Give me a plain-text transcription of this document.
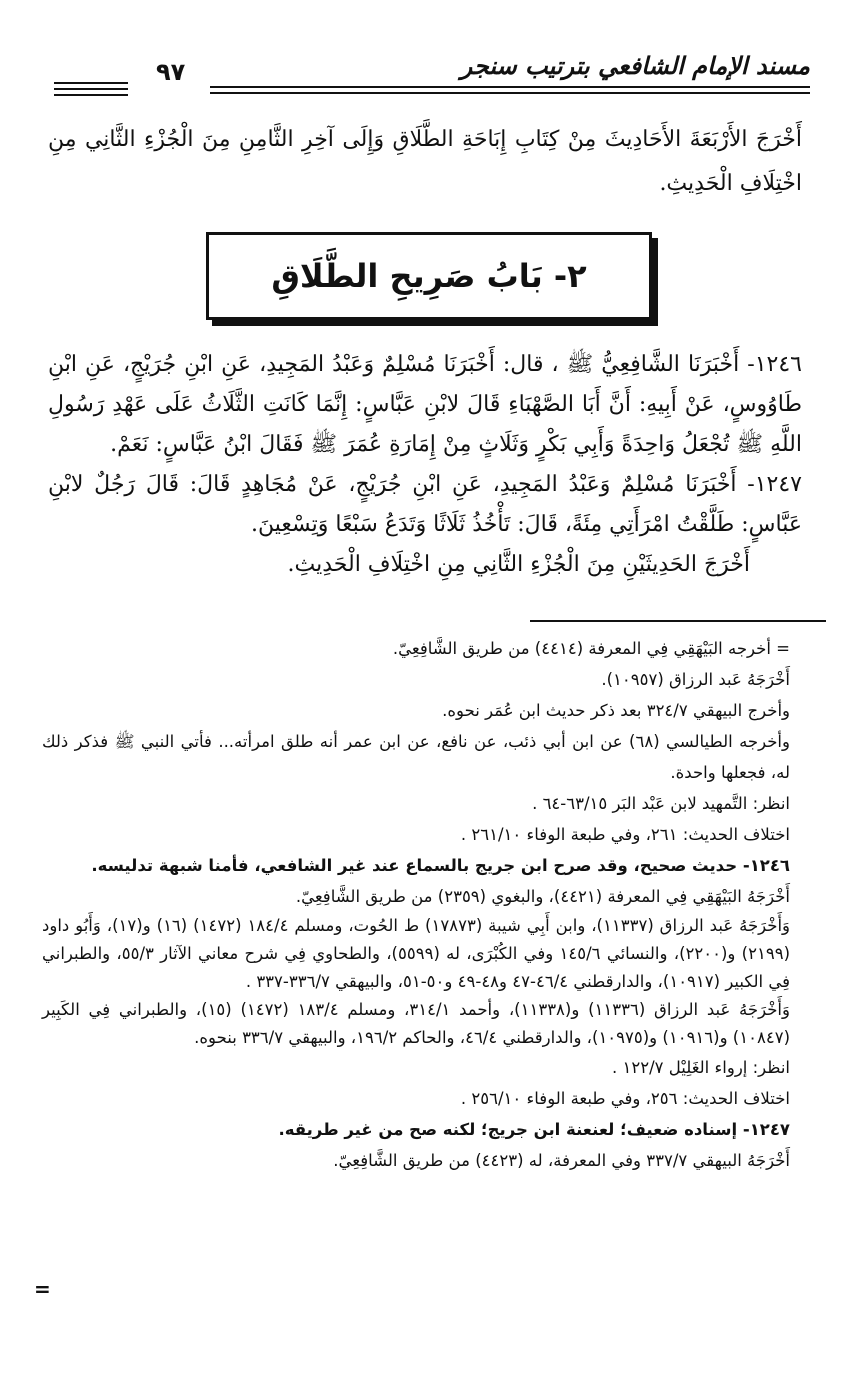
مسند الإمام الشافعي بترتيب سنجر
٩٧
أَخْرَجَ الأَرْبَعَةَ الأَحَادِيثَ مِنْ كِتَابِ إِبَاحَةِ الطَّلَاقِ وَإِلَى آخِرِ الثَّامِنِ مِنَ الْجُزْءِ الثَّانِي مِنِ اخْتِلَافِ الْحَدِيثِ.
٢- بَابُ صَرِيحِ الطَّلَاقِ

١٢٤٦- أَخْبَرَنَا الشَّافِعِيُّ ﷺ ، قال: أَخْبَرَنَا مُسْلِمٌ وَعَبْدُ المَجِيدِ، عَنِ ابْنِ جُرَيْجٍ، عَنِ ابْنِ طَاوُوسٍ، عَنْ أَبِيهِ: أَنَّ أَبَا الصَّهْبَاءِ قَالَ لابْنِ عَبَّاسٍ: إِنَّمَا كَانَتِ الثَّلَاثُ عَلَى عَهْدِ رَسُولِ اللَّهِ ﷺ تُجْعَلُ وَاحِدَةً وَأَبِي بَكْرٍ وَثَلَاثٍ مِنْ إِمَارَةِ عُمَرَ ﷺ فَقَالَ ابْنُ عَبَّاسٍ: نَعَمْ.

١٢٤٧- أَخْبَرَنَا مُسْلِمٌ وَعَبْدُ المَجِيدِ، عَنِ ابْنِ جُرَيْجٍ، عَنْ مُجَاهِدٍ قَالَ: قَالَ رَجُلٌ لابْنِ عَبَّاسٍ: طَلَّقْتُ امْرَأَتِي مِئَةً، قَالَ: تَأْخُذُ ثَلَاثًا وَتَدَعُ سَبْعًا وَتِسْعِينَ.

أَخْرَجَ الحَدِيثَيْنِ مِنَ الْجُزْءِ الثَّانِي مِنِ اخْتِلَافِ الْحَدِيثِ.

= أخرجه البَيْهَقِي فِي المعرفة (٤٤١٤) من طريق الشَّافِعِيّ.

أَخْرَجَهُ عَبد الرزاق (١٠٩٥٧).

وأخرج البيهقي ٣٢٤/٧ بعد ذكر حديث ابن عُمَر نحوه.

وأخرجه الطيالسي (٦٨) عن ابن أبي ذئب، عن نافع، عن ابن عمر أنه طلق امرأته... فأتي النبي ﷺ فذكر ذلك له، فجعلها واحدة.

انظر: التَّمهيد لابن عَبْد البَر ٦٣/١٥-٦٤ .

اختلاف الحديث: ٢٦١، وفي طبعة الوفاء ٢٦١/١٠ .

١٢٤٦- حديث صحيح، وقد صرح ابن جريج بالسماع عند غير الشافعي، فأمنا شبهة تدليسه.

أَخْرَجَهُ البَيْهَقِي فِي المعرفة (٤٤٢١)، والبغوي (٢٣٥٩) من طريق الشَّافِعِيّ.

وَأَخْرَجَهُ عَبد الرزاق (١١٣٣٧)، وابن أَبِي شيبة (١٧٨٧٣) ط الحُوت، ومسلم ١٨٤/٤ (١٤٧٢) (١٦) و(١٧)، وَأَبُو داود (٢١٩٩) و(٢٢٠٠)، والنسائي ١٤٥/٦ وفي الكُبْرَى، له (٥٥٩٩)، والطحاوي فِي شرح معاني الآثار ٥٥/٣، والطبراني فِي الكبير (١٠٩١٧)، والدارقطني ٤٦/٤-٤٧ و٤٨-٤٩ و٥٠-٥١، والبيهقي ٣٣٦/٧-٣٣٧ .

وَأَخْرَجَهُ عَبد الرزاق (١١٣٣٦) و(١١٣٣٨)، وأحمد ٣١٤/١، ومسلم ١٨٣/٤ (١٤٧٢) (١٥)، والطبراني فِي الكَبِير (١٠٨٤٧) و(١٠٩١٦) و(١٠٩٧٥)، والدارقطني ٤٦/٤، والحاكم ١٩٦/٢، والبيهقي ٣٣٦/٧ بنحوه.

انظر: إرواء الغَلِيْل ١٢٢/٧ .

اختلاف الحديث: ٢٥٦، وفي طبعة الوفاء ٢٥٦/١٠ .

١٢٤٧- إسناده ضعيف؛ لعنعنة ابن جريج؛ لكنه صح من غير طريقه.

أَخْرَجَهُ البيهقي ٣٣٧/٧ وفي المعرفة، له (٤٤٢٣) من طريق الشَّافِعِيّ.

=
